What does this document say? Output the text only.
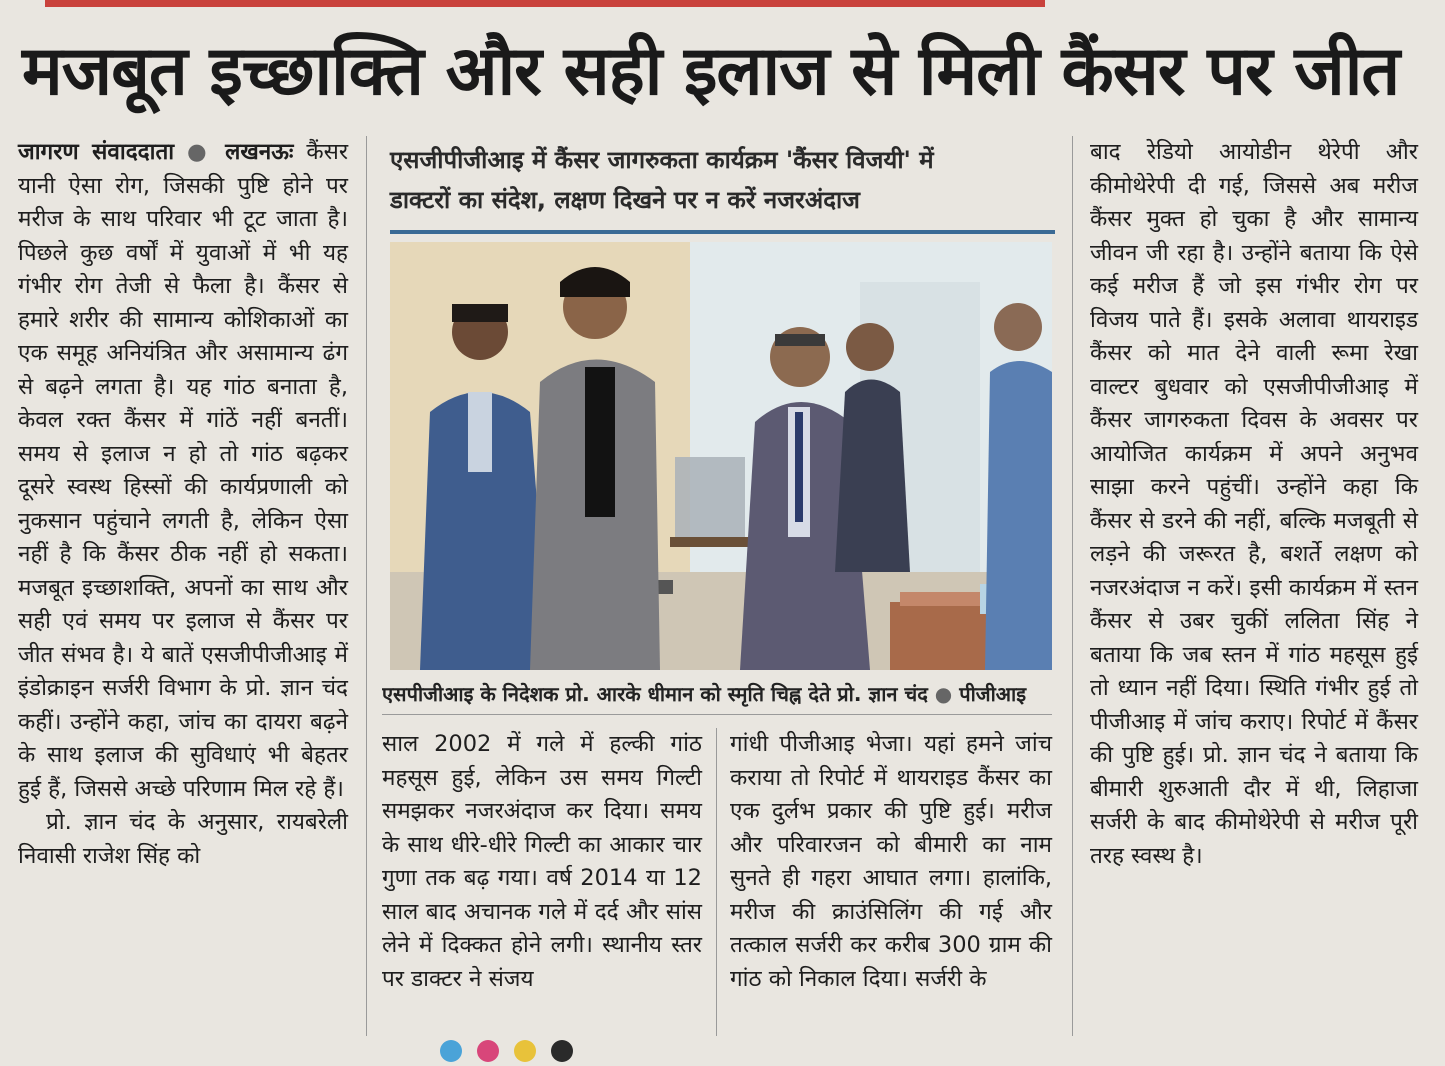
मजबूत इच्छाक्ति और सही इलाज से मिली कैंसर पर जीत

जागरण संवाददाता ● लखनऊः कैंसर यानी ऐसा रोग, जिसकी पुष्टि होने पर मरीज के साथ परिवार भी टूट जाता है। पिछले कुछ वर्षों में युवाओं में भी यह गंभीर रोग तेजी से फैला है। कैंसर से हमारे शरीर की सामान्य कोशिकाओं का एक समूह अनियंत्रित और असामान्य ढंग से बढ़ने लगता है। यह गांठ बनाता है, केवल रक्त कैंसर में गांठें नहीं बनतीं। समय से इलाज न हो तो गांठ बढ़कर दूसरे स्वस्थ हिस्सों की कार्यप्रणाली को नुकसान पहुंचाने लगती है, लेकिन ऐसा नहीं है कि कैंसर ठीक नहीं हो सकता। मजबूत इच्छाशक्ति, अपनों का साथ और सही एवं समय पर इलाज से कैंसर पर जीत संभव है। ये बातें एसजीपीजीआइ में इंडोक्राइन सर्जरी विभाग के प्रो. ज्ञान चंद कहीं। उन्होंने कहा, जांच का दायरा बढ़ने के साथ इलाज की सुविधाएं भी बेहतर हुई हैं, जिससे अच्छे परिणाम मिल रहे हैं।

प्रो. ज्ञान चंद के अनुसार, रायबरेली निवासी राजेश सिंह को

एसजीपीजीआइ में कैंसर जागरुकता कार्यक्रम 'कैंसर विजयी' में
डाक्टरों का संदेश, लक्षण दिखने पर न करें नजरअंदाज
एसपीजीआइ के निदेशक प्रो. आरके धीमान को स्मृति चिह्न देते प्रो. ज्ञान चंद ● पीजीआइ

साल 2002 में गले में हल्की गांठ महसूस हुई, लेकिन उस समय गिल्टी समझकर नजरअंदाज कर दिया। समय के साथ धीरे-धीरे गिल्टी का आकार चार गुणा तक बढ़ गया। वर्ष 2014 या 12 साल बाद अचानक गले में दर्द और सांस लेने में दिक्कत होने लगी। स्थानीय स्तर पर डाक्टर ने संजय

गांधी पीजीआइ भेजा। यहां हमने जांच कराया तो रिपोर्ट में थायराइड कैंसर का एक दुर्लभ प्रकार की पुष्टि हुई। मरीज और परिवारजन को बीमारी का नाम सुनते ही गहरा आघात लगा। हालांकि, मरीज की क्राउंसिलिंग की गई और तत्काल सर्जरी कर करीब 300 ग्राम की गांठ को निकाल दिया। सर्जरी के

बाद रेडियो आयोडीन थेरेपी और कीमोथेरेपी दी गई, जिससे अब मरीज कैंसर मुक्त हो चुका है और सामान्य जीवन जी रहा है। उन्होंने बताया कि ऐसे कई मरीज हैं जो इस गंभीर रोग पर विजय पाते हैं। इसके अलावा थायराइड कैंसर को मात देने वाली रूमा रेखा वाल्टर बुधवार को एसजीपीजीआइ में कैंसर जागरुकता दिवस के अवसर पर आयोजित कार्यक्रम में अपने अनुभव साझा करने पहुंचीं। उन्होंने कहा कि कैंसर से डरने की नहीं, बल्कि मजबूती से लड़ने की जरूरत है, बशर्ते लक्षण को नजरअंदाज न करें। इसी कार्यक्रम में स्तन कैंसर से उबर चुकीं ललिता सिंह ने बताया कि जब स्तन में गांठ महसूस हुई तो ध्यान नहीं दिया। स्थिति गंभीर हुई तो पीजीआइ में जांच कराए। रिपोर्ट में कैंसर की पुष्टि हुई। प्रो. ज्ञान चंद ने बताया कि बीमारी शुरुआती दौर में थी, लिहाजा सर्जरी के बाद कीमोथेरेपी से मरीज पूरी तरह स्वस्थ है।
